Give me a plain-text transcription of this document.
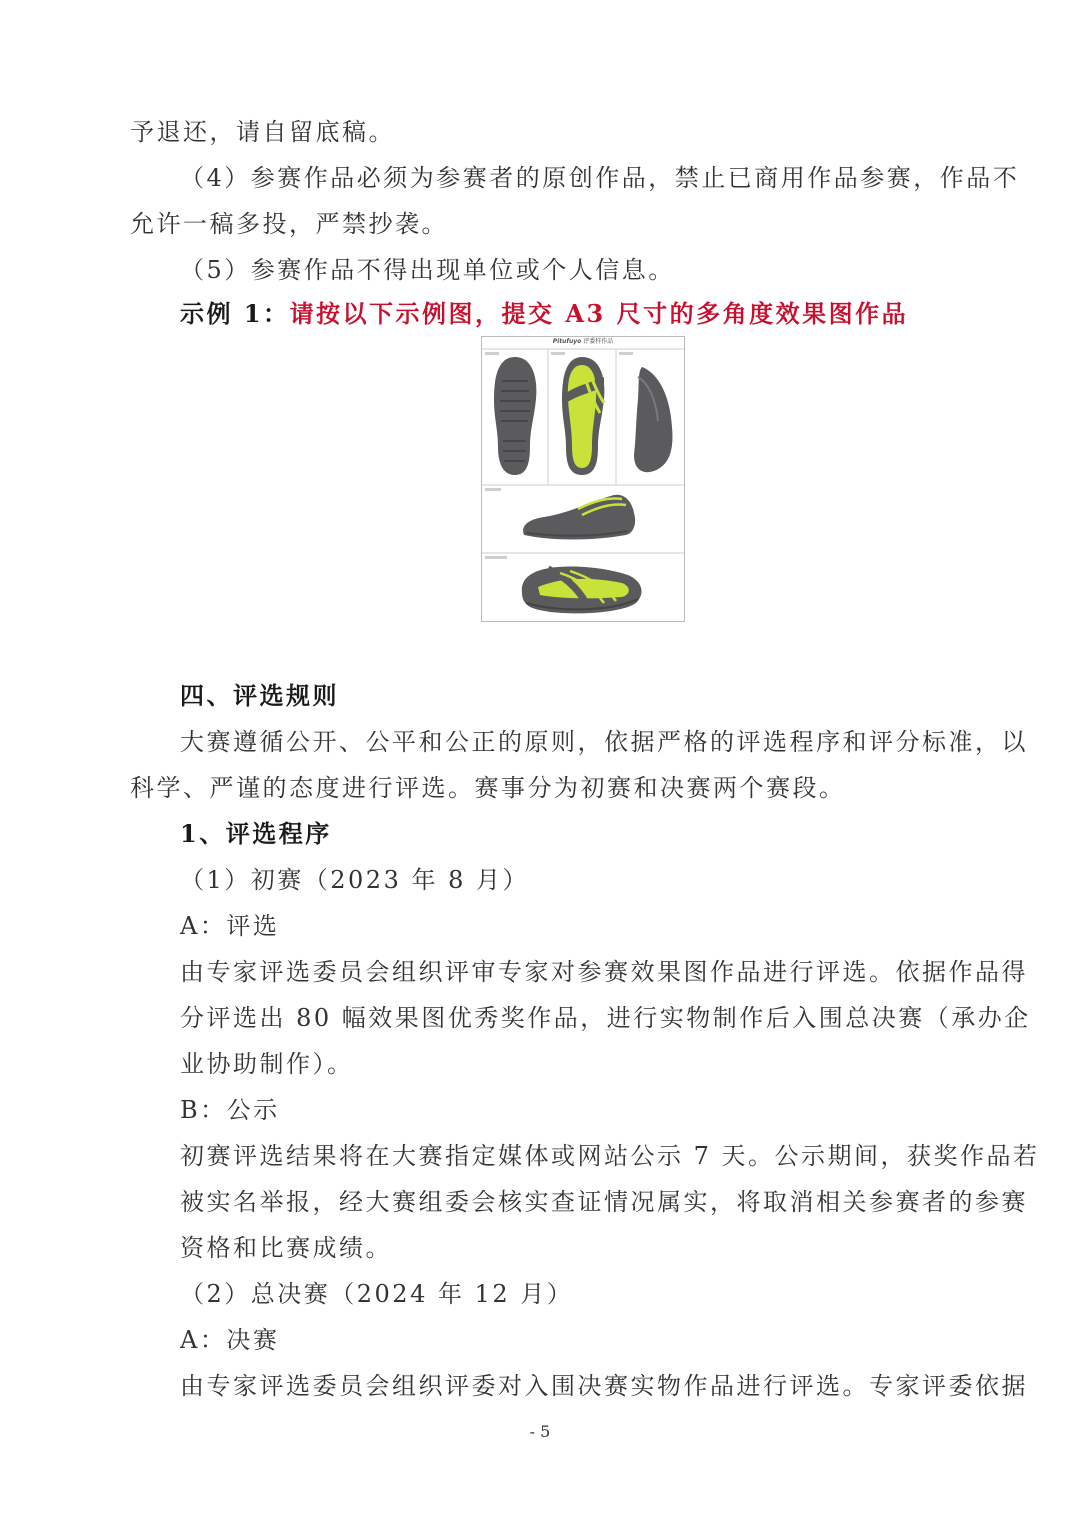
予退还，请自留底稿。
（4）参赛作品必须为参赛者的原创作品，禁止已商用作品参赛，作品不
允许一稿多投，严禁抄袭。
（5）参赛作品不得出现单位或个人信息。
示例 1：请按以下示例图，提交 A3 尺寸的多角度效果图作品
Pitufuyo 评委样作品
四、评选规则
大赛遵循公开、公平和公正的原则，依据严格的评选程序和评分标准，以
科学、严谨的态度进行评选。赛事分为初赛和决赛两个赛段。
1、评选程序
（1）初赛（2023 年 8 月）
A：评选
由专家评选委员会组织评审专家对参赛效果图作品进行评选。依据作品得
分评选出 80 幅效果图优秀奖作品，进行实物制作后入围总决赛（承办企
业协助制作）。
B：公示
初赛评选结果将在大赛指定媒体或网站公示 7 天。公示期间，获奖作品若
被实名举报，经大赛组委会核实查证情况属实，将取消相关参赛者的参赛
资格和比赛成绩。
（2）总决赛（2024 年 12 月）
A：决赛
由专家评选委员会组织评委对入围决赛实物作品进行评选。专家评委依据
- 5
